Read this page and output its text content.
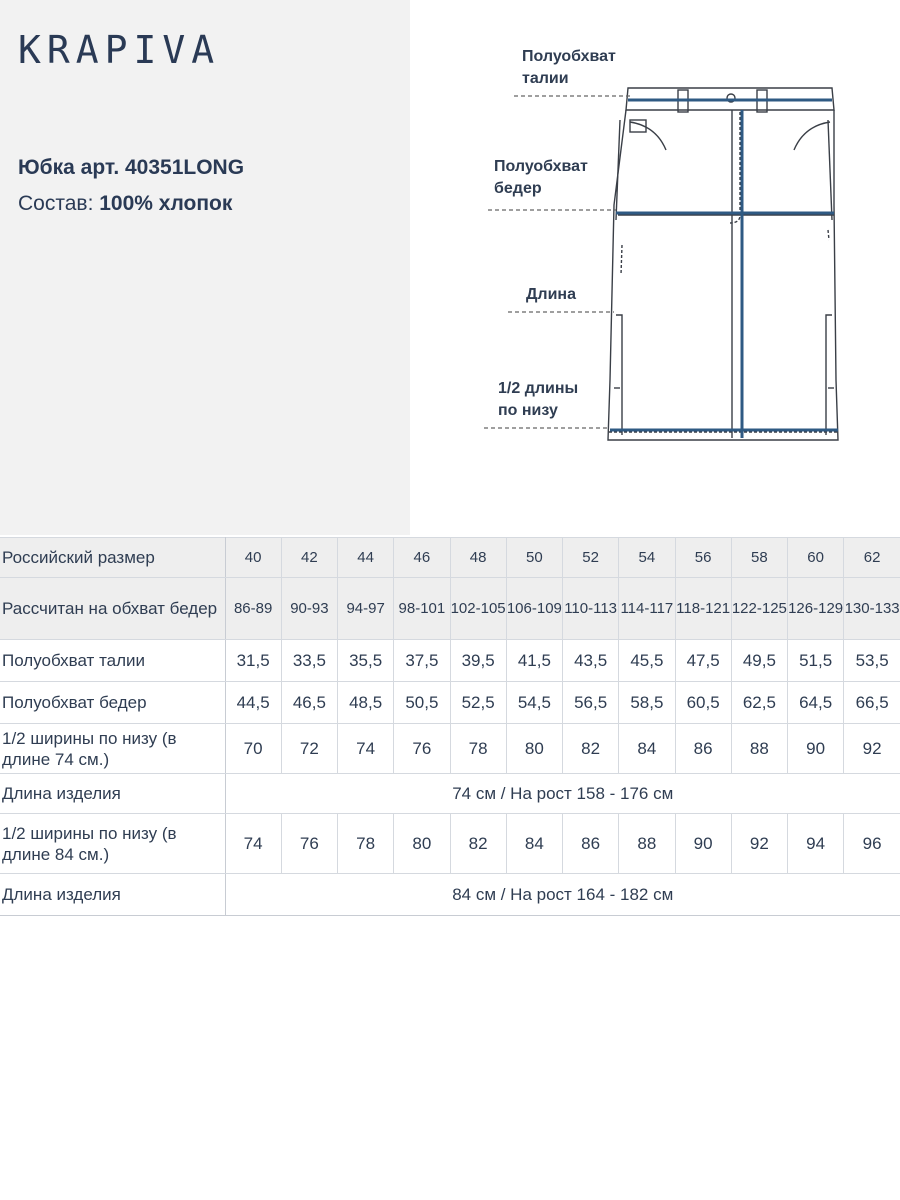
KRAPIVA
Юбка арт. 40351LONG
Состав: 100% хлопок
Полуобхват
талии
Полуобхват
бедер
Длина
1/2 длины
по низу
Российский размер	40	42	44	46	48	50	52	54	56	58	60	62
Рассчитан на обхват бедер	86-89	90-93	94-97	98-101	102-105	106-109	110-113	114-117	118-121	122-125	126-129	130-133
Полуобхват талии	31,5	33,5	35,5	37,5	39,5	41,5	43,5	45,5	47,5	49,5	51,5	53,5
Полуобхват бедер	44,5	46,5	48,5	50,5	52,5	54,5	56,5	58,5	60,5	62,5	64,5	66,5
1/2 ширины по низу (в длине 74 см.)	70	72	74	76	78	80	82	84	86	88	90	92
Длина изделия	74 см / На рост 158 - 176 см											
1/2 ширины по низу (в длине 84 см.)	74	76	78	80	82	84	86	88	90	92	94	96
Длина изделия	84 см / На рост 164 - 182 см											
